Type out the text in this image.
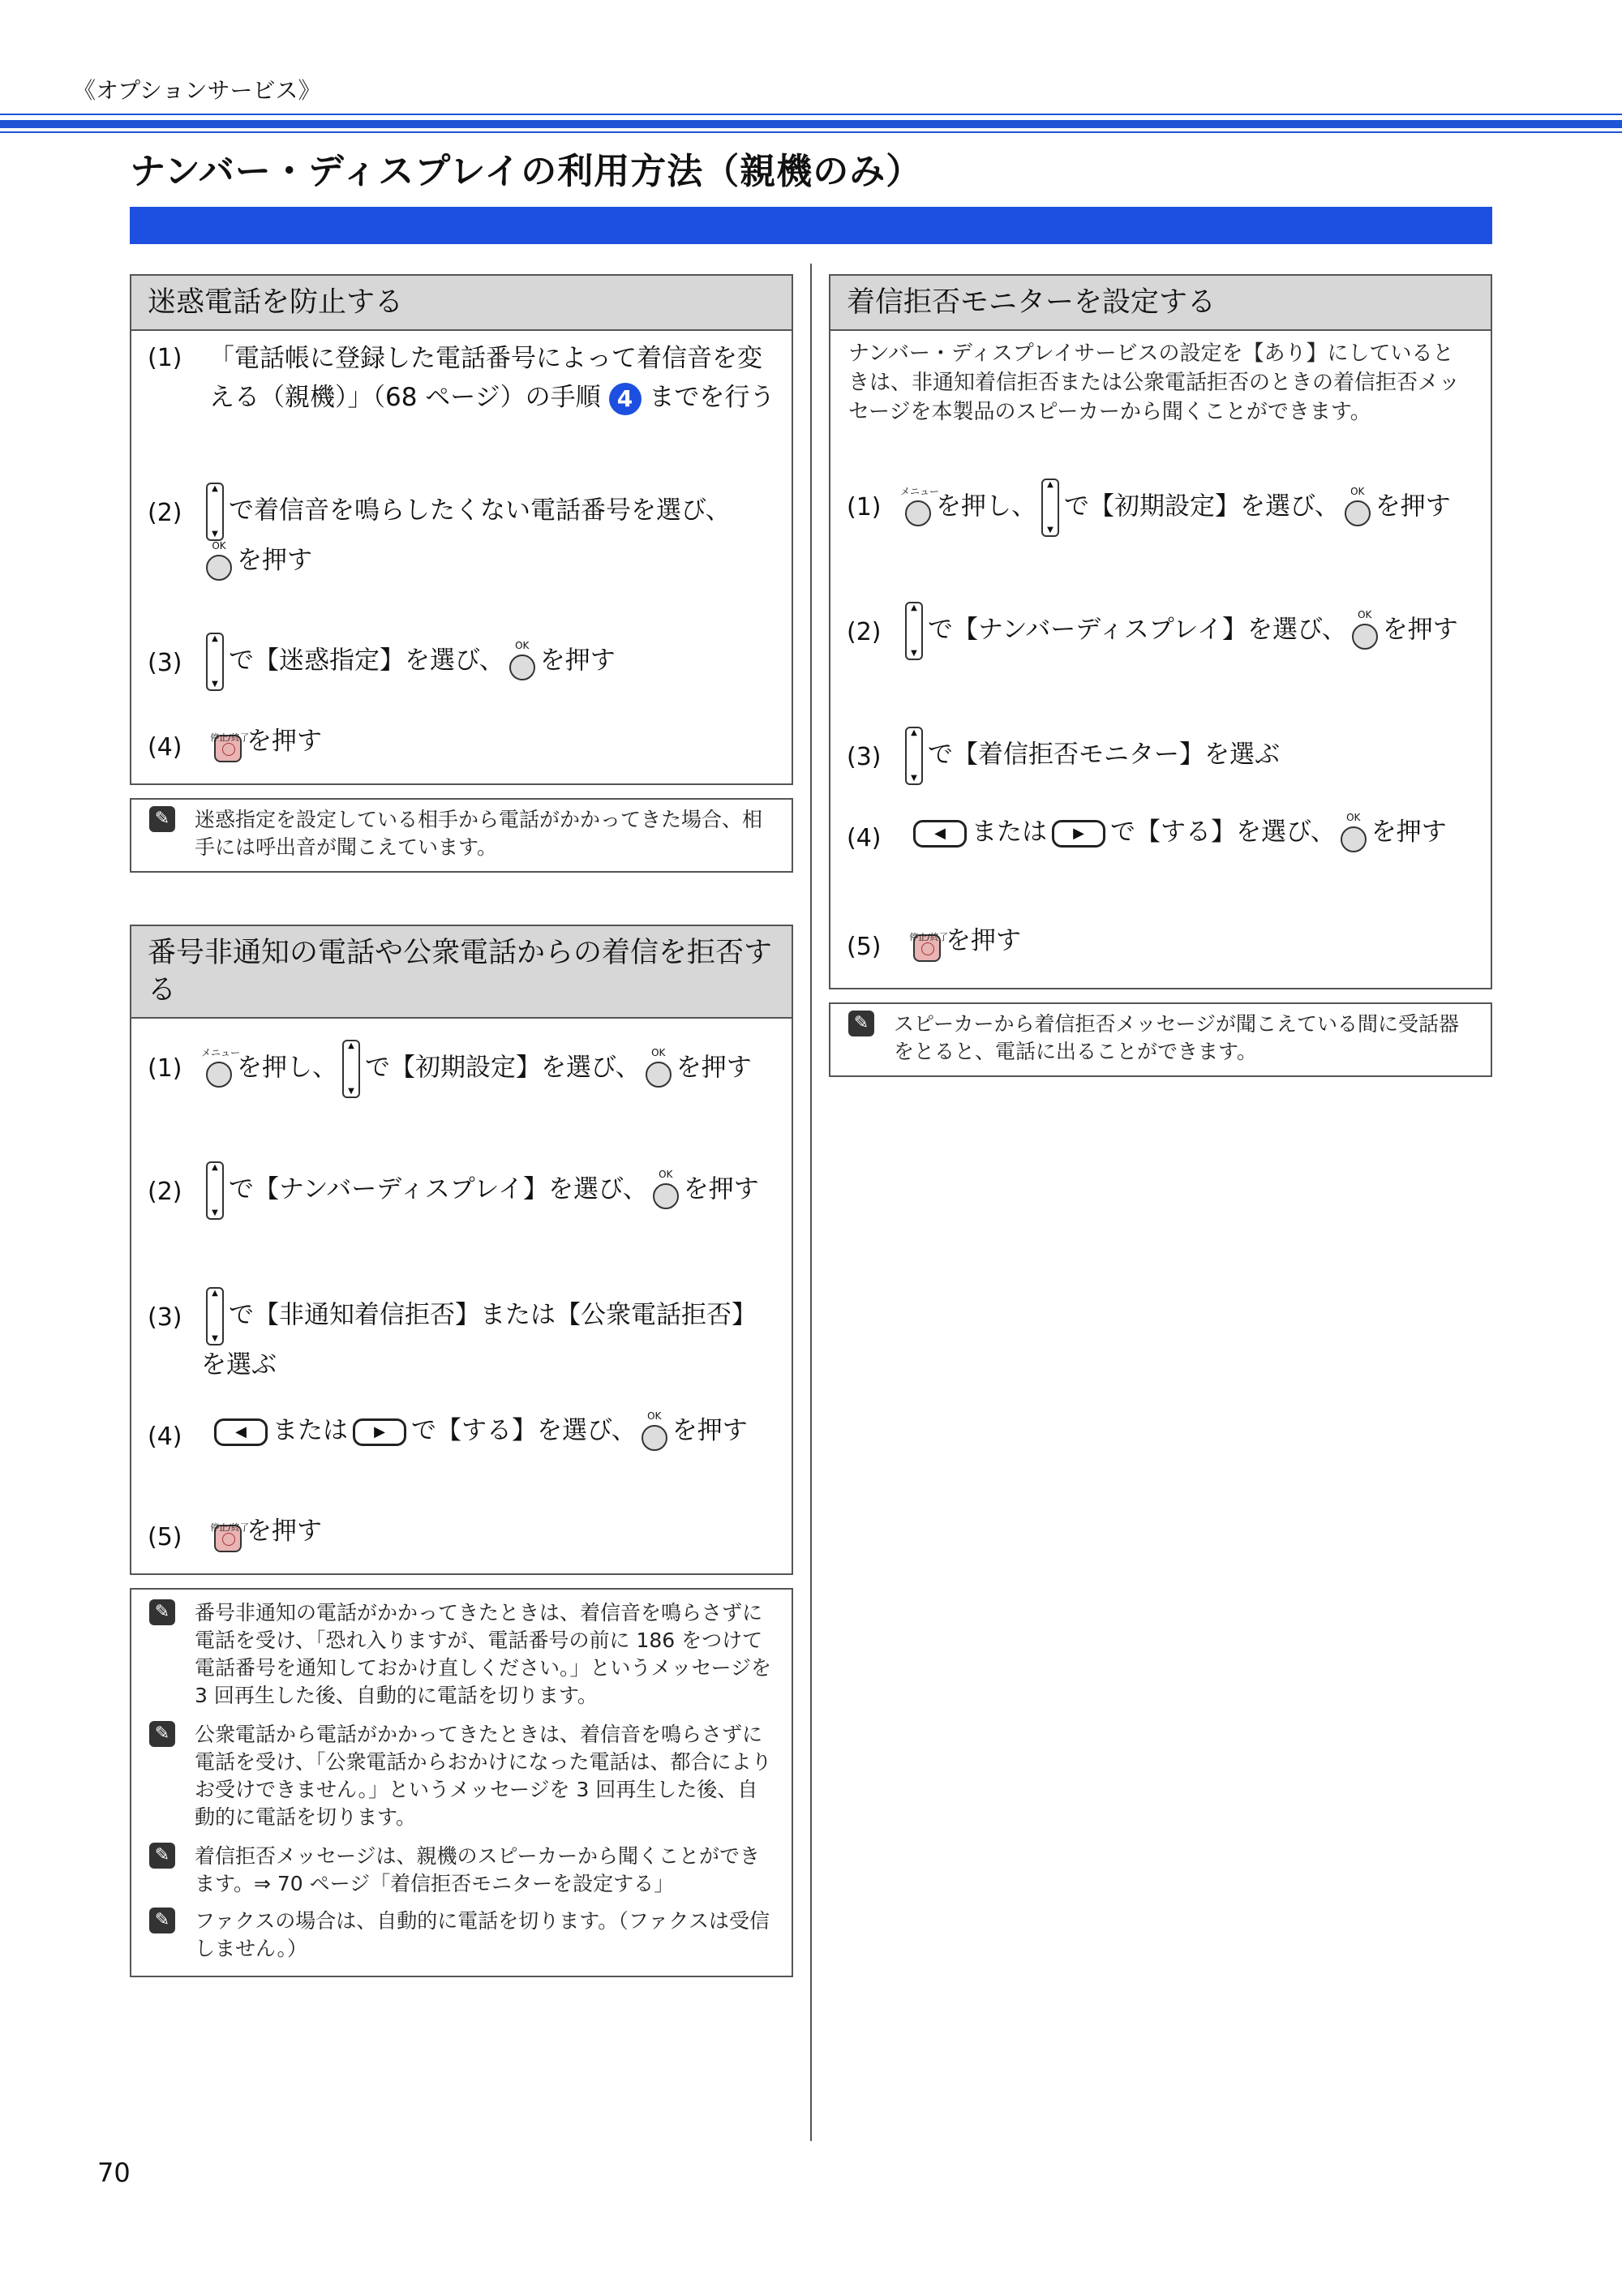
《オプションサービス》
ナンバー・ディスプレイの利用方法（親機のみ）
迷惑電話を防止する
(1) 「電話帳に登録した電話番号によって着信音を変える（親機）」（68 ページ）の手順 4 までを行う
(2)
▲
▼
で着信音を鳴らしたくない電話番号を選び、

OK
を押す
(3)
▲
▼
で【迷惑指定】を選び、
OK
を押す
(4)	停止/終了
を押す
✎ 迷惑指定を設定している相手から電話がかかってきた場合、相手には呼出音が聞こえています。
番号非通知の電話や公衆電話からの着信を拒否する
(1)
メニュー
を押し、
▲
▼
で【初期設定】を選び、
OK
を押す
(2)
▲
▼
で【ナンバーディスプレイ】を選び、
OK
を押す
(3)
▲
▼
で【非通知着信拒否】または【公衆電話拒否】を選ぶ
(4)	◀ または ▶ で【する】を選び、
OK
を押す
(5)	停止/終了
を押す
✎ 番号非通知の電話がかかってきたときは、着信音を鳴らさずに電話を受け、「恐れ入りますが、電話番号の前に 186 をつけて電話番号を通知しておかけ直しください。」というメッセージを 3 回再生した後、自動的に電話を切ります。
✎ 公衆電話から電話がかかってきたときは、着信音を鳴らさずに電話を受け、「公衆電話からおかけになった電話は、都合によりお受けできません。」というメッセージを 3 回再生した後、自動的に電話を切ります。
✎ 着信拒否メッセージは、親機のスピーカーから聞くことができます。⇒ 70 ページ「着信拒否モニターを設定する」
✎ ファクスの場合は、自動的に電話を切ります。（ファクスは受信しません。）
着信拒否モニターを設定する
ナンバー・ディスプレイサービスの設定を【あり】にしているときは、非通知着信拒否または公衆電話拒否のときの着信拒否メッセージを本製品のスピーカーから聞くことができます。
(1)
メニュー
を押し、
▲
▼
で【初期設定】を選び、
OK
を押す
(2)
▲
▼
で【ナンバーディスプレイ】を選び、
OK
を押す
(3)
▲
▼
で【着信拒否モニター】を選ぶ
(4)	◀ または ▶ で【する】を選び、
OK
を押す
(5)	停止/終了
を押す
✎ スピーカーから着信拒否メッセージが聞こえている間に受話器をとると、電話に出ることができます。
70
